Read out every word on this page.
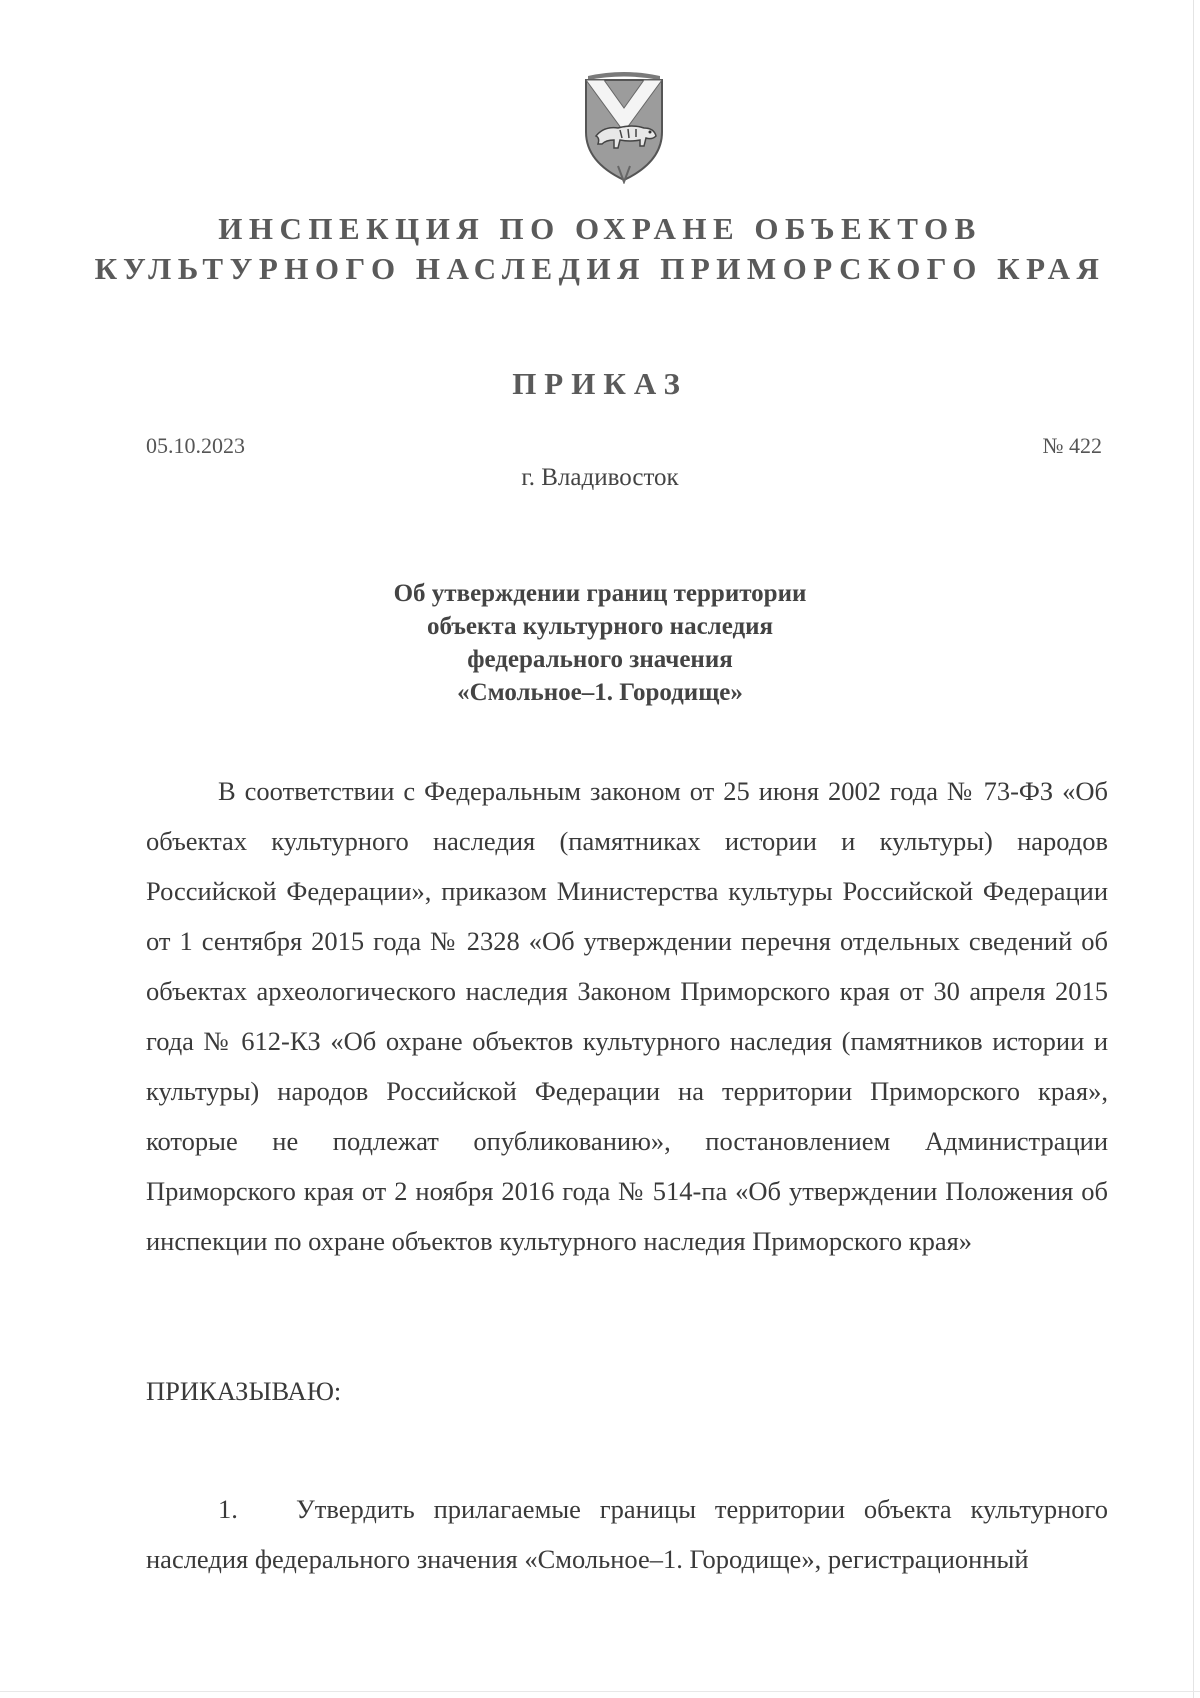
ИНСПЕКЦИЯ ПО ОХРАНЕ ОБЪЕКТОВ
КУЛЬТУРНОГО НАСЛЕДИЯ ПРИМОРСКОГО КРАЯ
ПРИКАЗ
05.10.2023	№ 422
г. Владивосток
Об утверждении границ территории
объекта культурного наследия
федерального значения
«Смольное–1. Городище»
В соответствии с Федеральным законом от 25 июня 2002 года № 73-ФЗ «Об объектах культурного наследия (памятниках истории и культуры) народов Российской Федерации», приказом Министерства культуры Российской Федерации от 1 сентября 2015 года № 2328 «Об утверждении перечня отдельных сведений об объектах археологического наследия Законом Приморского края от 30 апреля 2015 года № 612-КЗ «Об охране объектов культурного наследия (памятников истории и культуры) народов Российской Федерации на территории Приморского края», которые не подлежат опубликованию», постановлением Администрации Приморского края от 2 ноября 2016 года № 514-па «Об утверждении Положения об инспекции по охране объектов культурного наследия Приморского края»
ПРИКАЗЫВАЮ:
1. Утвердить прилагаемые границы территории объекта культурного наследия федерального значения «Смольное–1. Городище», регистрационный
